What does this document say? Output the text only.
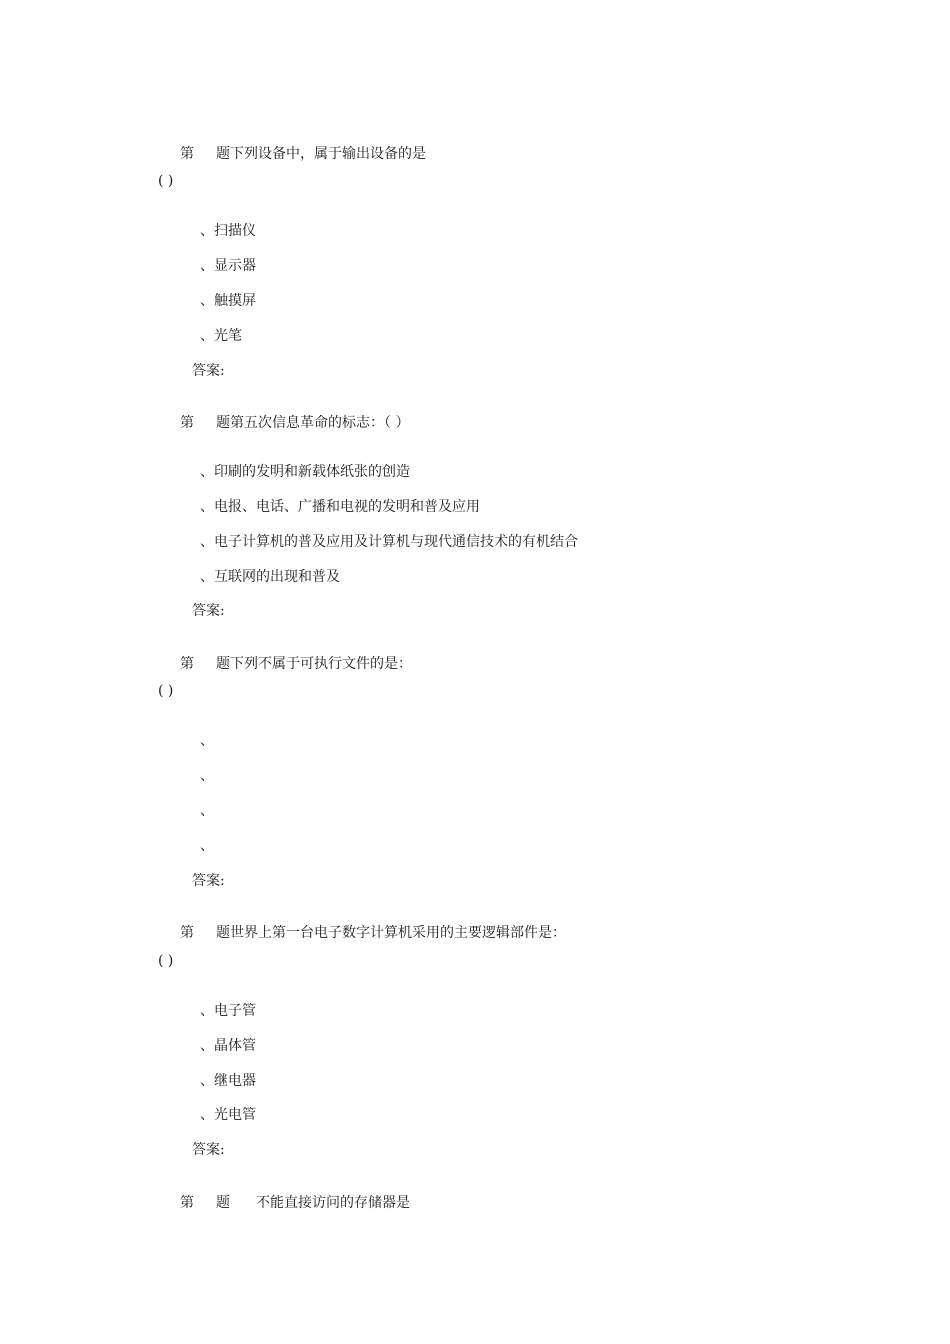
第 题下列设备中，属于输出设备的是
( )
、扫描仪
、显示器
、触摸屏
、光笔
答案:
第 题第五次信息革命的标志：（ ）
、印刷的发明和新载体纸张的创造
、电报、电话、广播和电视的发明和普及应用
、电子计算机的普及应用及计算机与现代通信技术的有机结合
、互联网的出现和普及
答案:
第 题下列不属于可执行文件的是：
( )
、
、
、
、
答案:
第 题世界上第一台电子数字计算机采用的主要逻辑部件是：
( )
、电子管
、晶体管
、继电器
、光电管
答案:
第 题 不能直接访问的存储器是
